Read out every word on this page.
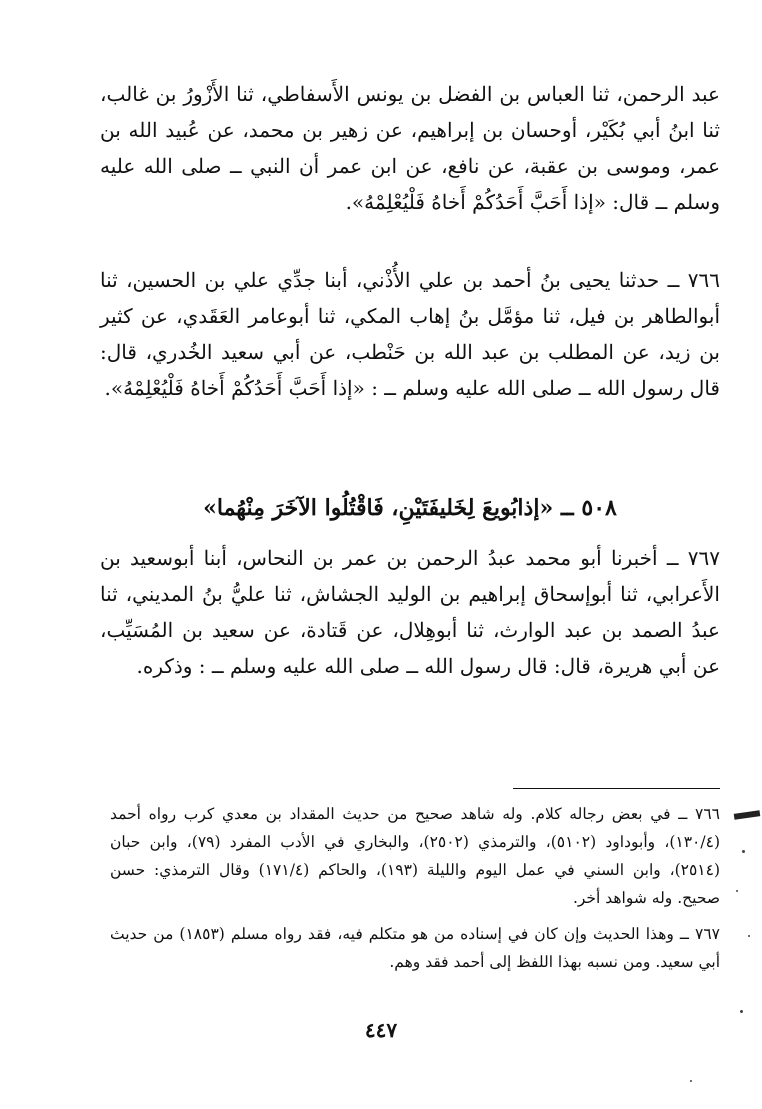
عبد الرحمن، ثنا العباس بن الفضل بن يونس الأَسفاطي، ثنا الأَزْورُ بن غالب، ثنا ابنُ أبي بُكَيْر، أوحسان بن إبراهيم، عن زهير بن محمد، عن عُبيد الله بن عمر، وموسى بن عقبة، عن نافع، عن ابن عمر أن النبي ــ صلى الله عليه وسلم ــ قال: «إذا أَحَبَّ أَحَدُكُمْ أَخاهُ فَلْيُعْلِمْهُ».

٧٦٦ ــ حدثنا يحيى بنُ أحمد بن علي الأُذْني، أبنا جدِّي علي بن الحسين، ثنا أبوالطاهر بن فيل، ثنا مؤمَّل بنُ إهاب المكي، ثنا أبوعامر العَقَدي، عن كثير بن زيد، عن المطلب بن عبد الله بن حَنْطب، عن أبي سعيد الخُدري، قال: قال رسول الله ــ صلى الله عليه وسلم ــ : «إذا أَحَبَّ أَحَدُكُمْ أَخاهُ فَلْيُعْلِمْهُ».

٥٠٨ ــ «إذابُويعَ لِخَليفَتَيْنِ، فَاقْتُلُوا الآخَرَ مِنْهُما»

٧٦٧ ــ أخبرنا أبو محمد عبدُ الرحمن بن عمر بن النحاس، أبنا أبوسعيد بن الأَعرابي، ثنا أبوإسحاق إبراهيم بن الوليد الجشاش، ثنا عليُّ بنُ المديني، ثنا عبدُ الصمد بن عبد الوارث، ثنا أبوهِلال، عن قَتادة، عن سعيد بن المُسَيِّب، عن أبي هريرة، قال: قال رسول الله ــ صلى الله عليه وسلم ــ : وذكره.

٧٦٦ ــ في بعض رجاله كلام. وله شاهد صحيح من حديث المقداد بن معدي كرب رواه أحمد (١٣٠/٤)، وأبوداود (٥١٠٢)، والترمذي (٢٥٠٢)، والبخاري في الأدب المفرد (٧٩)، وابن حبان (٢٥١٤)، وابن السني في عمل اليوم والليلة (١٩٣)، والحاكم (١٧١/٤) وقال الترمذي: حسن صحيح. وله شواهد أخر.

٧٦٧ ــ وهذا الحديث وإن كان في إسناده من هو متكلم فيه، فقد رواه مسلم (١٨٥٣) من حديث أبي سعيد. ومن نسبه بهذا اللفظ إلى أحمد فقد وهم.

٤٤٧
